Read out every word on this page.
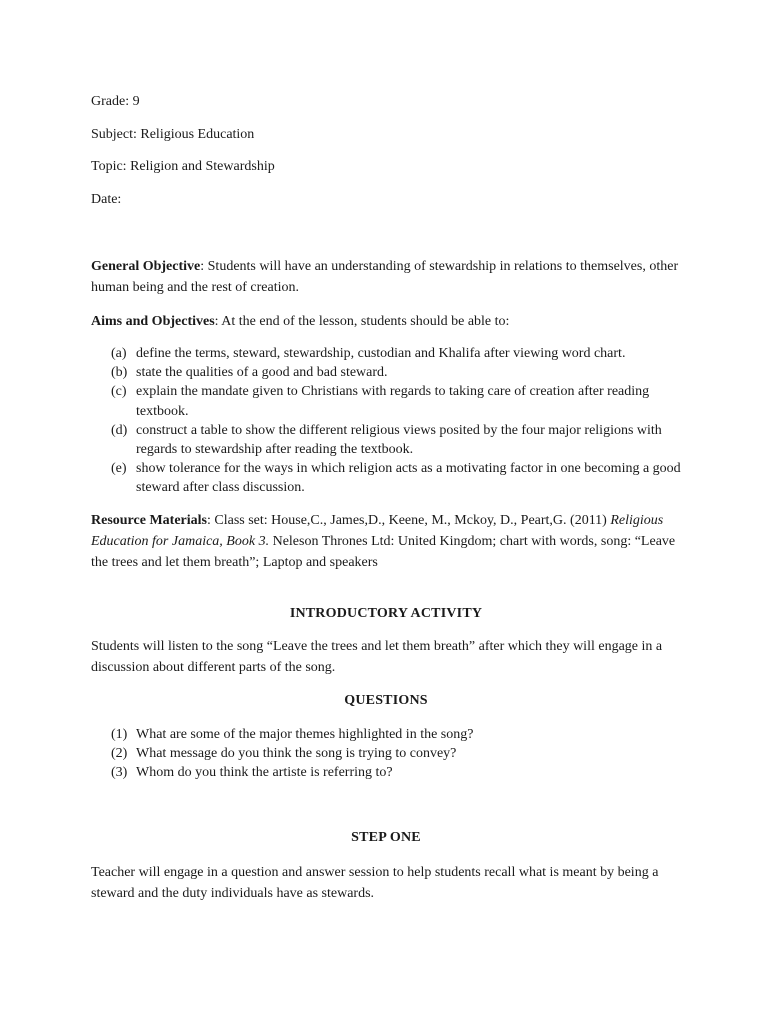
Grade: 9

Subject: Religious Education

Topic: Religion and Stewardship

Date:

General Objective: Students will have an understanding of stewardship in relations to themselves, other human being and the rest of creation.

Aims and Objectives: At the end of the lesson, students should be able to:

(a) define the terms, steward, stewardship, custodian and Khalifa after viewing word chart.
(b) state the qualities of a good and bad steward.
(c) explain the mandate given to Christians with regards to taking care of creation after reading textbook.
(d) construct a table to show the different religious views posited by the four major religions with regards to stewardship after reading the textbook.
(e) show tolerance for the ways in which religion acts as a motivating factor in one becoming a good steward after class discussion.

Resource Materials: Class set: House,C., James,D., Keene, M., Mckoy, D., Peart,G. (2011) Religious Education for Jamaica, Book 3. Neleson Thrones Ltd: United Kingdom; chart with words, song: “Leave the trees and let them breath”; Laptop and speakers

INTRODUCTORY ACTIVITY

Students will listen to the song “Leave the trees and let them breath” after which they will engage in a discussion about different parts of the song.

QUESTIONS

(1) What are some of the major themes highlighted in the song?
(2) What message do you think the song is trying to convey?
(3) Whom do you think the artiste is referring to?

STEP ONE

Teacher will engage in a question and answer session to help students recall what is meant by being a steward and the duty individuals have as stewards.
